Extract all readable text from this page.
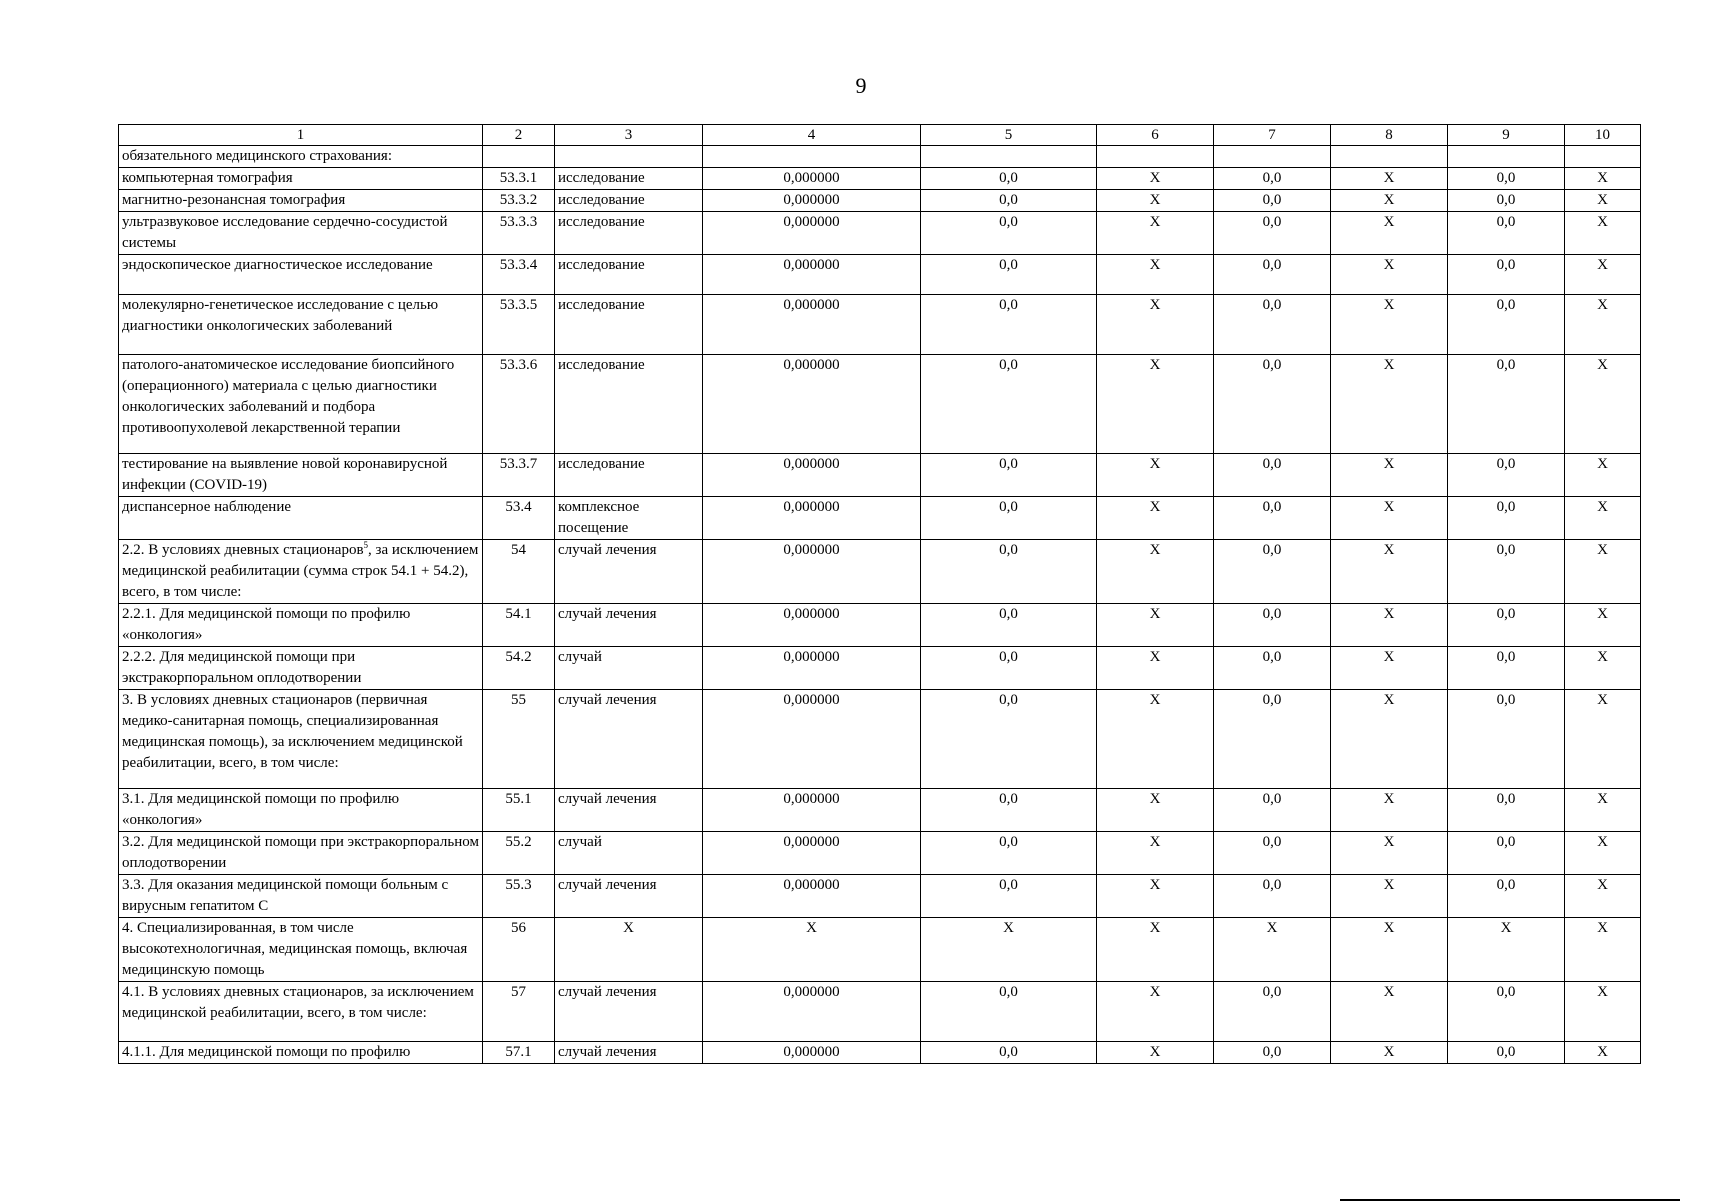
9
1	2	3	4	5	6	7	8	9	10
обязательного медицинского страхования:									
компьютерная томография	53.3.1	исследование	0,000000	0,0	X	0,0	X	0,0	X
магнитно-резонансная томография	53.3.2	исследование	0,000000	0,0	X	0,0	X	0,0	X
ультразвуковое исследование сердечно-сосудистой системы	53.3.3	исследование	0,000000	0,0	X	0,0	X	0,0	X
эндоскопическое диагностическое исследование	53.3.4	исследование	0,000000	0,0	X	0,0	X	0,0	X
молекулярно-генетическое исследование с целью диагностики онкологических заболеваний	53.3.5	исследование	0,000000	0,0	X	0,0	X	0,0	X
патолого-анатомическое исследование биопсийного (операционного) материала с целью диагностики онкологических заболеваний и подбора противоопухолевой лекарственной терапии	53.3.6	исследование	0,000000	0,0	X	0,0	X	0,0	X
тестирование на выявление новой коронавирусной инфекции (COVID-19)	53.3.7	исследование	0,000000	0,0	X	0,0	X	0,0	X
диспансерное наблюдение	53.4	комплексное посещение	0,000000	0,0	X	0,0	X	0,0	X
2.2. В условиях дневных стационаров$^5$, за исключением медицинской реабилитации (сумма строк 54.1 + 54.2), всего, в том числе:	54	случай лечения	0,000000	0,0	X	0,0	X	0,0	X
2.2.1. Для медицинской помощи по профилю «онкология»	54.1	случай лечения	0,000000	0,0	X	0,0	X	0,0	X
2.2.2. Для медицинской помощи при экстракорпоральном оплодотворении	54.2	случай	0,000000	0,0	X	0,0	X	0,0	X
3. В условиях дневных стационаров (первичная медико-санитарная помощь, специализированная медицинская помощь), за исключением медицинской реабилитации, всего, в том числе:	55	случай лечения	0,000000	0,0	X	0,0	X	0,0	X
3.1. Для медицинской помощи по профилю «онкология»	55.1	случай лечения	0,000000	0,0	X	0,0	X	0,0	X
3.2. Для медицинской помощи при экстракорпоральном оплодотворении	55.2	случай	0,000000	0,0	X	0,0	X	0,0	X
3.3. Для оказания медицинской помощи больным с вирусным гепатитом С	55.3	случай лечения	0,000000	0,0	X	0,0	X	0,0	X
4. Специализированная, в том числе высокотехнологичная, медицинская помощь, включая медицинскую помощь	56	X	X	X	X	X	X	X	X
4.1. В условиях дневных стационаров, за исключением медицинской реабилитации, всего, в том числе:	57	случай лечения	0,000000	0,0	X	0,0	X	0,0	X
4.1.1. Для медицинской помощи по профилю	57.1	случай лечения	0,000000	0,0	X	0,0	X	0,0	X
